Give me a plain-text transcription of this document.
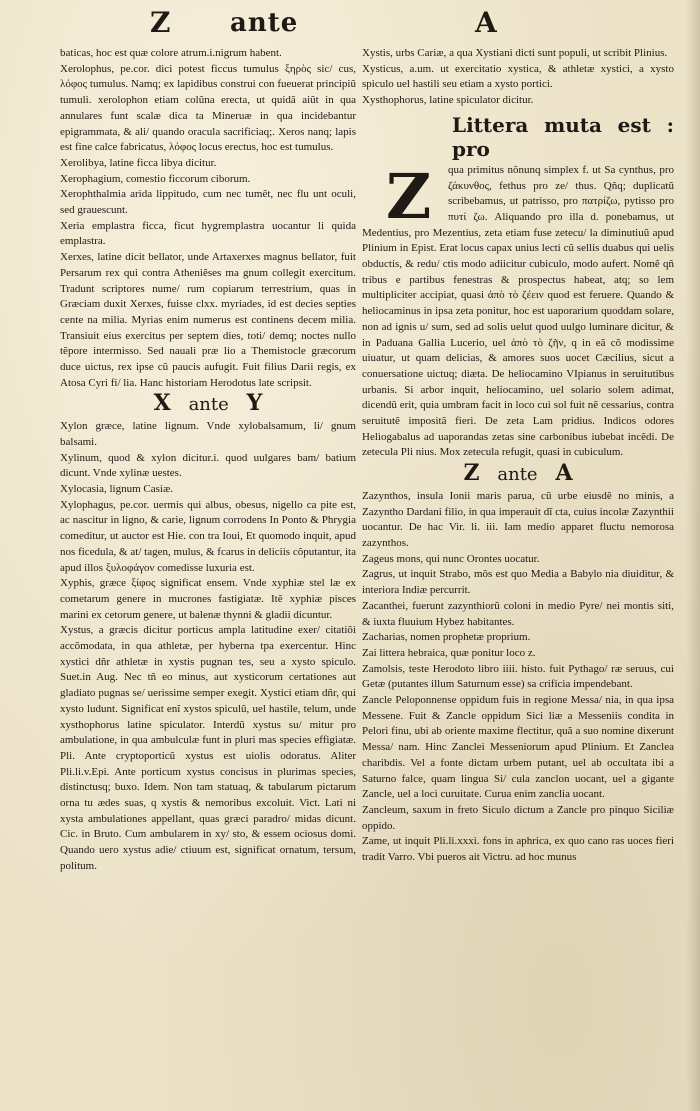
Z ante	A

baticas, hoc est quæ colore atrum.i.nigrum habent.

Xerolophus, pe.cor. dici potest ficcus tumulus ξηρὸς sic/ cus, λόφος tumulus. Namq; ex lapidibus construi con fueuerat principiũ tumuli. xerolophon etiam colũna erecta, ut quidã aiũt in qua annulares funt scalæ dica ta Mineruæ in qua incidebantur epigrammata, & ali/ quando oracula sacrificiaq;. Xeros nanq; lapis est fine calce fabricatus, λόφος locus erectus, hoc est tumulus.

Xerolibya, latine ficca libya dicitur.

Xerophagium, comestio ficcorum ciborum.

Xerophthalmia arida lippitudo, cum nec tumẽt, nec flu unt oculi, sed grauescunt.

Xeria emplastra ficca, ficut hygremplastra uocantur li quida emplastra.

Xerxes, latine dicit bellator, unde Artaxerxes magnus bellator, fuit Persarum rex qui contra Atheniẽses ma gnum collegit exercitum. Tradunt scriptores nume/ rum copiarum terrestrium, quas in Græciam duxit Xerxes, fuisse clxx. myriades, id est decies septies cente na milia. Myrias enim numerus est continens decem milia. Transiuit eius exercitus per septem dies, toti/ demq; noctes nullo tẽpore intermisso. Sed nauali præ lio a Themistocle græcorum duce uictus, rex ipse cũ paucis aufugit. Fuit filius Darii regis, ex Atosa Cyri fi/ lia. Hanc historiam Herodotus late scripsit.

X ante Y

Xylon græce, latine lignum. Vnde xylobalsamum, li/ gnum balsami.

Xylinum, quod & xylon dicitur.i. quod uulgares bam/ batium dicunt. Vnde xylinæ uestes.

Xylocasia, lignum Casiæ.

Xylophagus, pe.cor. uermis qui albus, obesus, nigello ca pite est, ac nascitur in ligno, & carie, lignum corrodens In Ponto & Phrygia comeditur, ut auctor est Hie. con tra Ioui, Et quomodo inquit, apud nos ficedula, & at/ tagen, mulus, & fcarus in deliciis cõputantur, ita apud illos ξυλοφάγον comedisse luxuria est.

Xyphis, græce ξίφος significat ensem. Vnde xyphiæ stel læ ex cometarum genere in mucrones fastigiatæ. Itẽ xyphiæ pisces marini ex cetorum genere, ut balenæ thynni & gladii dicuntur.

Xystus, a græcis dicitur porticus ampla latitudine exer/ citatiõi accõmodata, in qua athletæ, per hyberna tpa exercentur. Hinc xystici dñr athletæ in xystis pugnan tes, seu a xysto spiculo. Suet.in Aug. Nec tñ eo minus, aut xysticorum certationes aut gladiato pugnas se/ uerissime semper exegit. Xystici etiam dñr, qui xysto ludunt. Significat enĩ xystos spiculũ, uel hastile, telum, unde xysthophorus latine spiculator. Interdũ xystus su/ mitur pro ambulatione, in qua ambulculæ funt in pluri mas species effigiatæ. Pli. Ante cryptoporticũ xystus est uiolis odoratus. Aliter Pli.li.v.Epi. Ante porticum xystus concisus in plurimas species, distinctusq; buxo. Idem. Non tam statuaq, & tabularum pictarum orna tu ædes suas, q xystis & nemoribus excoluit. Vict. Lati ni xysta ambulationes appellant, quas græci paradro/ midas dicunt. Cic. in Bruto. Cum ambularem in xy/ sto, & essem ociosus domi. Quando uero xystus adie/ ctiuum est, significat ornatum, tersum, politum.

Xystis, urbs Cariæ, a qua Xystiani dicti sunt populi, ut scribit Plinius.

Xysticus, a.um. ut exercitatio xystica, & athletæ xystici, a xysto spiculo uel hastili seu etiam a xysto portici.

Xysthophorus, latine spiculator dicitur.

Littera muta est : pro
Z qua primitus nõnunq simplex f. ut Sa cynthus, pro ζάκυνθος, fethus pro ze/ thus. Qñq; duplicatũ scribebamus, ut patrisso, pro πατρίζω, pytisso pro πυτί ζω. Aliquando pro illa d. ponebamus, ut Medentius, pro Mezentius, zeta etiam fuse zetecu/ la diminutiuũ apud Plinium in Epist. Erat locus capax unius lecti cũ sellis duabus qui uelis obductis, & redu/ ctis modo adiicitur cubiculo, modo aufert. Nomẽ qñ tribus e partibus fenestras & prospectus habeat, atq; so lem multipliciter accipiat, quasi ἀπὸ τὸ ζέειν quod est feruere. Quando & heliocaminus in ipsa zeta ponitur, hoc est uaporarium quoddam solare, non ad ignis u/ sum, sed ad solis uelut quod uulgo luminare dicitur, & in Paduana Gallia Lucerio, uel ἀπὸ τὸ ζῆν, q in eã cõ modissime uiuatur, ut quam delicias, & amores suos uocet Cæcilius, sicut a conuersatione uictuq; diæta. De heliocamino VIpianus in seruitutibus urbanis. Si arbor inquit, heliocamino, uel solario solem adimat, dicendũ erit, quia umbram facit in loco cui sol fuit nẽ cessarius, contra seruitutẽ impositã fieri. De zeta Lam pridius. Indicos odores Heliogabalus ad uaporandas zetas sine carbonibus iubebat incẽdi. De zetecula Pli nius. Mox zetecula refugit, quasi in cubiculum.
Z ante A

Zazynthos, insula Ionii maris parua, cũ urbe eiusdẽ no minis, a Zazyntho Dardani filio, in qua imperauit dĩ cta, cuius incolæ Zazynthii uocantur. De hac Vir. li. iii. Iam medio apparet fluctu nemorosa zazynthos.

Zageus mons, qui nunc Orontes uocatur.

Zagrus, ut inquit Strabo, mõs est quo Media a Babylo nia diuiditur, & interiora Indiæ percurrit.

Zacanthei, fuerunt zazynthiorũ coloni in medio Pyre/ nei montis siti, & iuxta fluuium Hybez habitantes.

Zacharias, nomen prophetæ proprium.

Zai littera hebraica, quæ ponitur loco z.

Zamolsis, teste Herodoto libro iiii. histo. fuit Pythago/ ræ seruus, cui Getæ (putantes illum Saturnum esse) sa crificia impendebant.

Zancle Peloponnense oppidum fuis in regione Messa/ nia, in qua ipsa Messene. Fuit & Zancle oppidum Sici liæ a Messeniis condita in Pelori finu, ubi ab oriente maxime flectitur, quã a suo nomine dixerunt Messa/ nam. Hinc Zanclei Messeniorum apud Plinium. Et Zanclea charibdis. Vel a fonte dictam urbem putant, uel ab occultata ibi a Saturno falce, quam lingua Si/ cula zanclon uocant, uel a gigante Zancle, uel a loci curuitate. Curua enim zanclia uocant.

Zancleum, saxum in freto Siculo dictum a Zancle pro pinquo Siciliæ oppido.

Zame, ut inquit Pli.li.xxxi. fons in aphrica, ex quo cano ras uoces fieri tradit Varro. Vbi pueros ait Victru. ad hoc munus
